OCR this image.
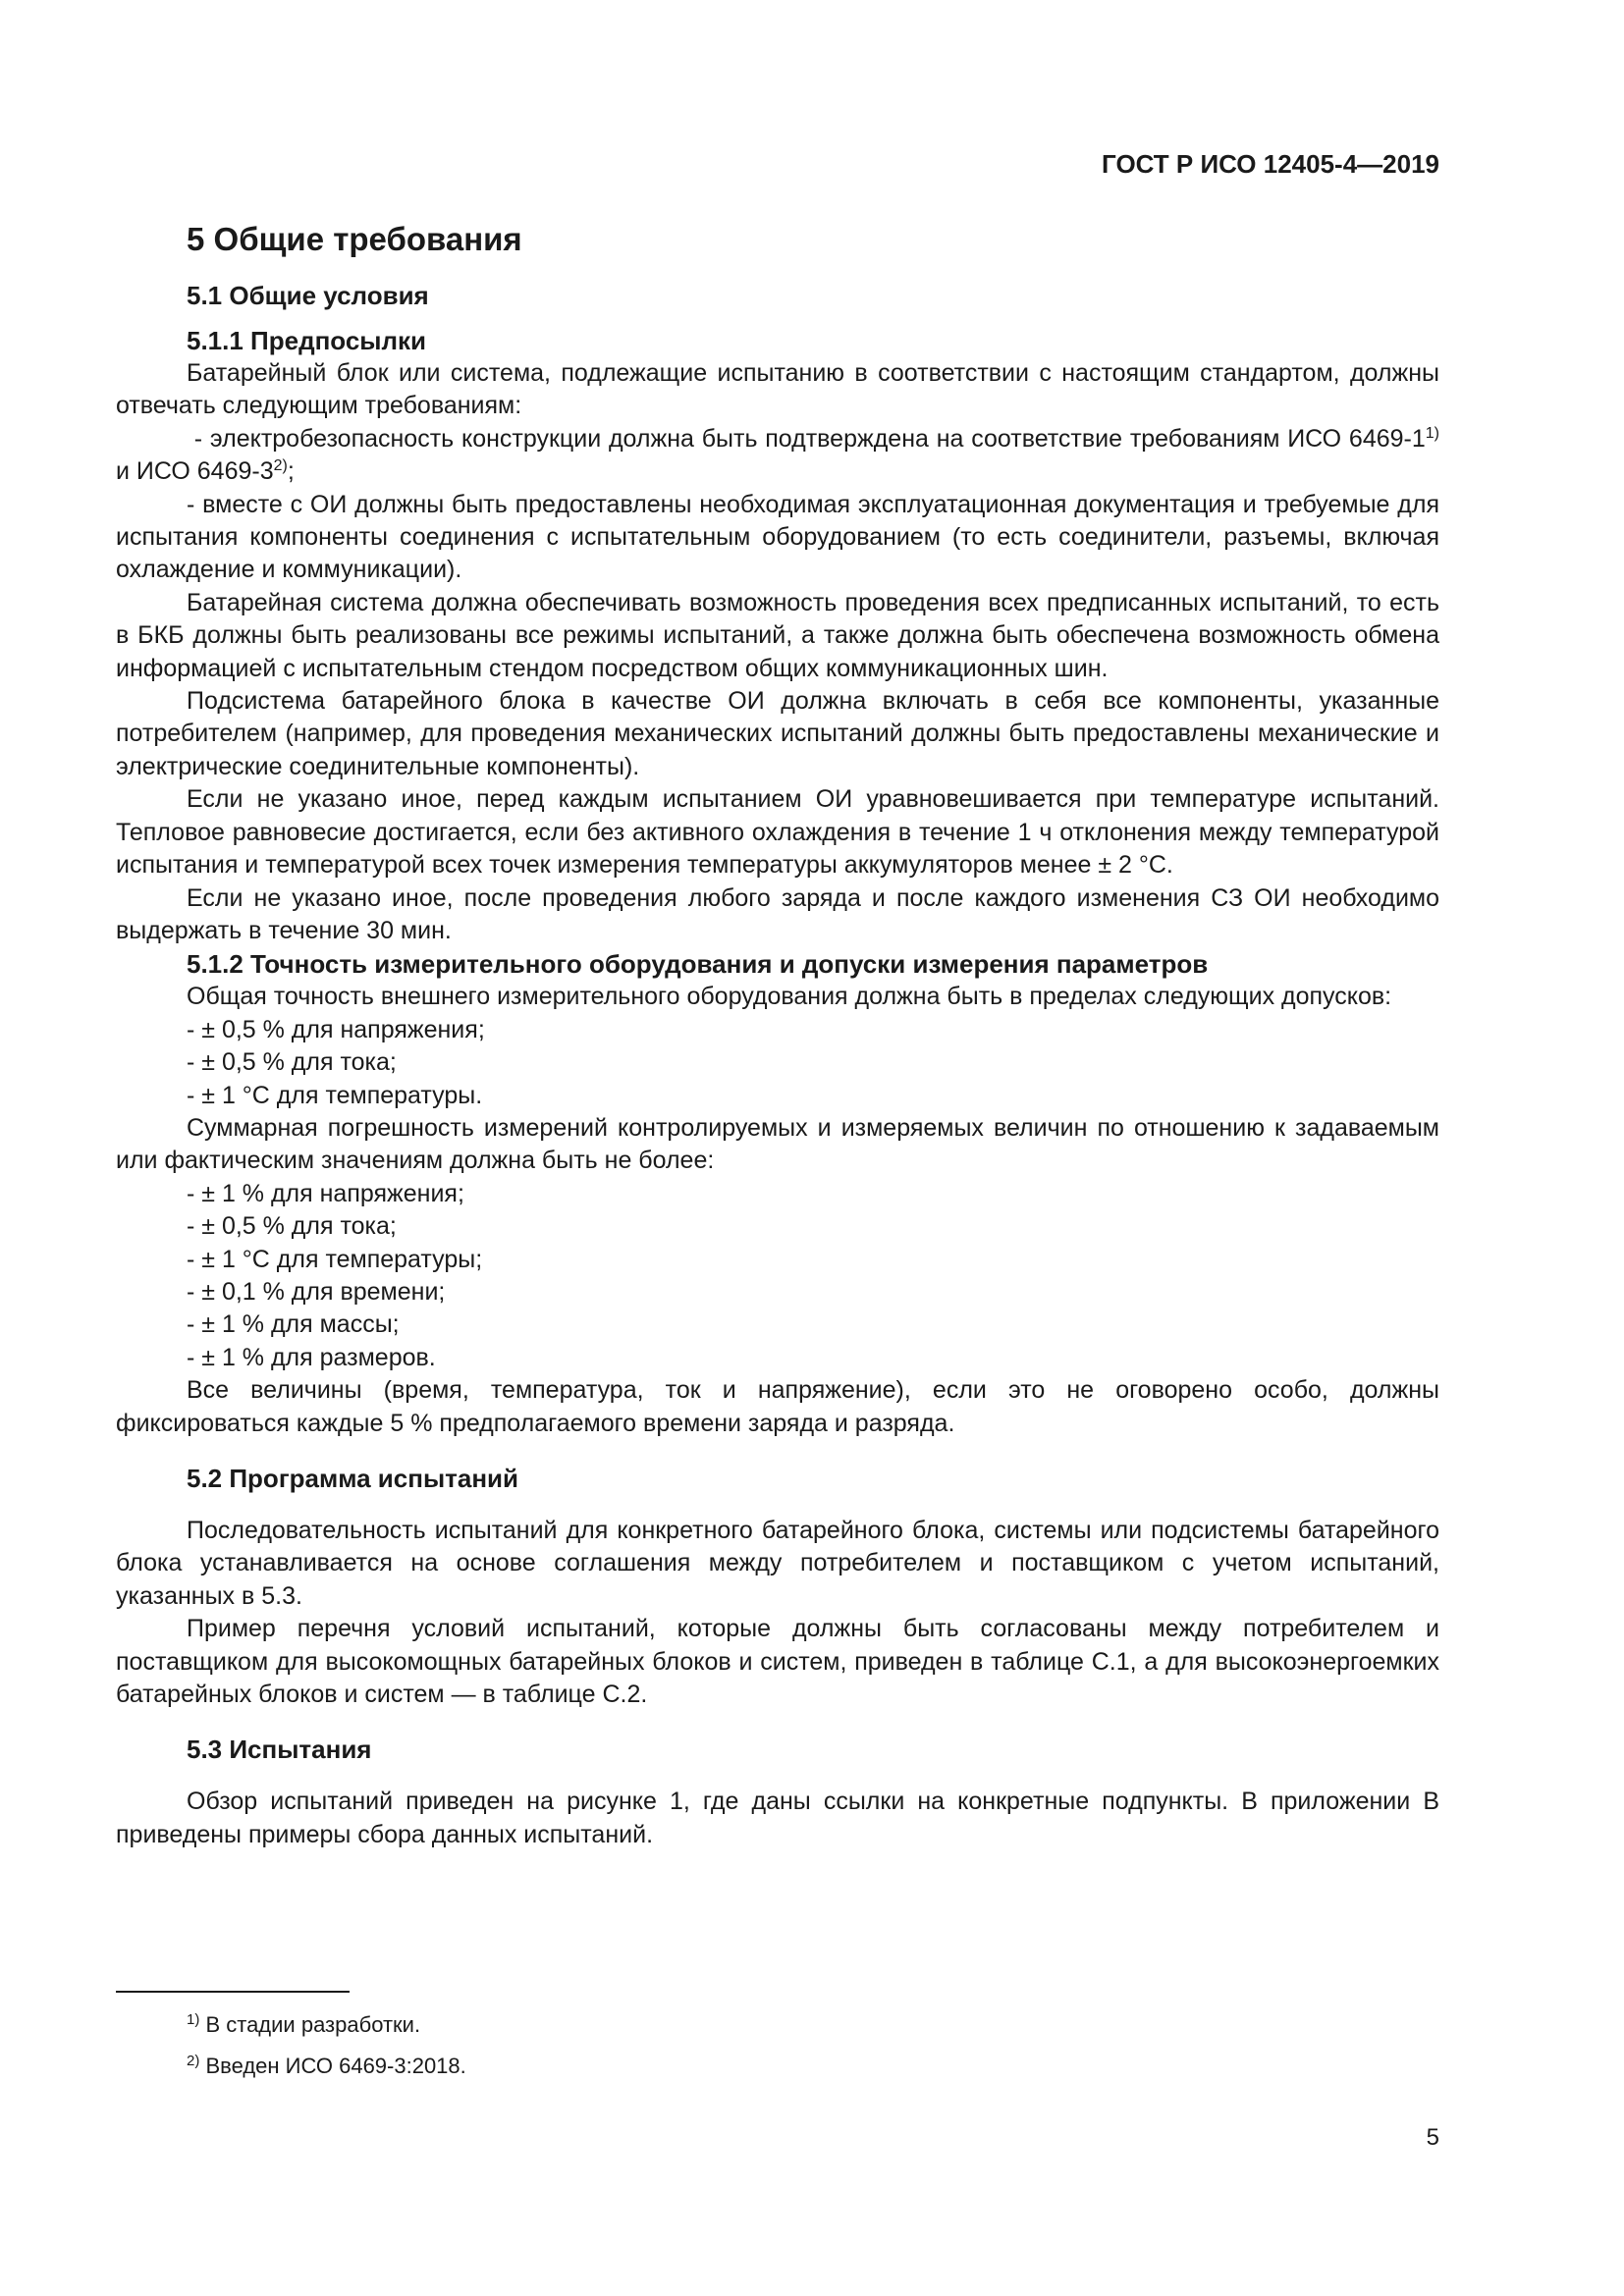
ГОСТ Р ИСО 12405-4—2019
5 Общие требования
5.1 Общие условия
5.1.1 Предпосылки

Батарейный блок или система, подлежащие испытанию в соответствии с настоящим стандартом, должны отвечать следующим требованиям:

- электробезопасность конструкции должна быть подтверждена на соответствие требованиям ИСО 6469-1$^{1)}$ и ИСО 6469-3$^{2)}$;

- вместе с ОИ должны быть предоставлены необходимая эксплуатационная документация и требуемые для испытания компоненты соединения с испытательным оборудованием (то есть соединители, разъемы, включая охлаждение и коммуникации).

Батарейная система должна обеспечивать возможность проведения всех предписанных испытаний, то есть в БКБ должны быть реализованы все режимы испытаний, а также должна быть обеспечена возможность обмена информацией с испытательным стендом посредством общих коммуникационных шин.

Подсистема батарейного блока в качестве ОИ должна включать в себя все компоненты, указанные потребителем (например, для проведения механических испытаний должны быть предоставлены механические и электрические соединительные компоненты).

Если не указано иное, перед каждым испытанием ОИ уравновешивается при температуре испытаний. Тепловое равновесие достигается, если без активного охлаждения в течение 1 ч отклонения между температурой испытания и температурой всех точек измерения температуры аккумуляторов менее ± 2 °С.

Если не указано иное, после проведения любого заряда и после каждого изменения СЗ ОИ необходимо выдержать в течение 30 мин.

5.1.2 Точность измерительного оборудования и допуски измерения параметров

Общая точность внешнего измерительного оборудования должна быть в пределах следующих допусков:

- ± 0,5 % для напряжения;

- ± 0,5 % для тока;

- ± 1 °С для температуры.

Суммарная погрешность измерений контролируемых и измеряемых величин по отношению к задаваемым или фактическим значениям должна быть не более:

- ± 1 % для напряжения;

- ± 0,5 % для тока;

- ± 1 °С для температуры;

- ± 0,1 % для времени;

- ± 1 % для массы;

- ± 1 % для размеров.

Все величины (время, температура, ток и напряжение), если это не оговорено особо, должны фиксироваться каждые 5 % предполагаемого времени заряда и разряда.

5.2 Программа испытаний

Последовательность испытаний для конкретного батарейного блока, системы или подсистемы батарейного блока устанавливается на основе соглашения между потребителем и поставщиком с учетом испытаний, указанных в 5.3.

Пример перечня условий испытаний, которые должны быть согласованы между потребителем и поставщиком для высокомощных батарейных блоков и систем, приведен в таблице С.1, а для высокоэнергоемких батарейных блоков и систем — в таблице С.2.

5.3 Испытания

Обзор испытаний приведен на рисунке 1, где даны ссылки на конкретные подпункты. В приложении В приведены примеры сбора данных испытаний.

$^{1)}$ В стадии разработки.
$^{2)}$ Введен ИСО 6469-3:2018.
5
